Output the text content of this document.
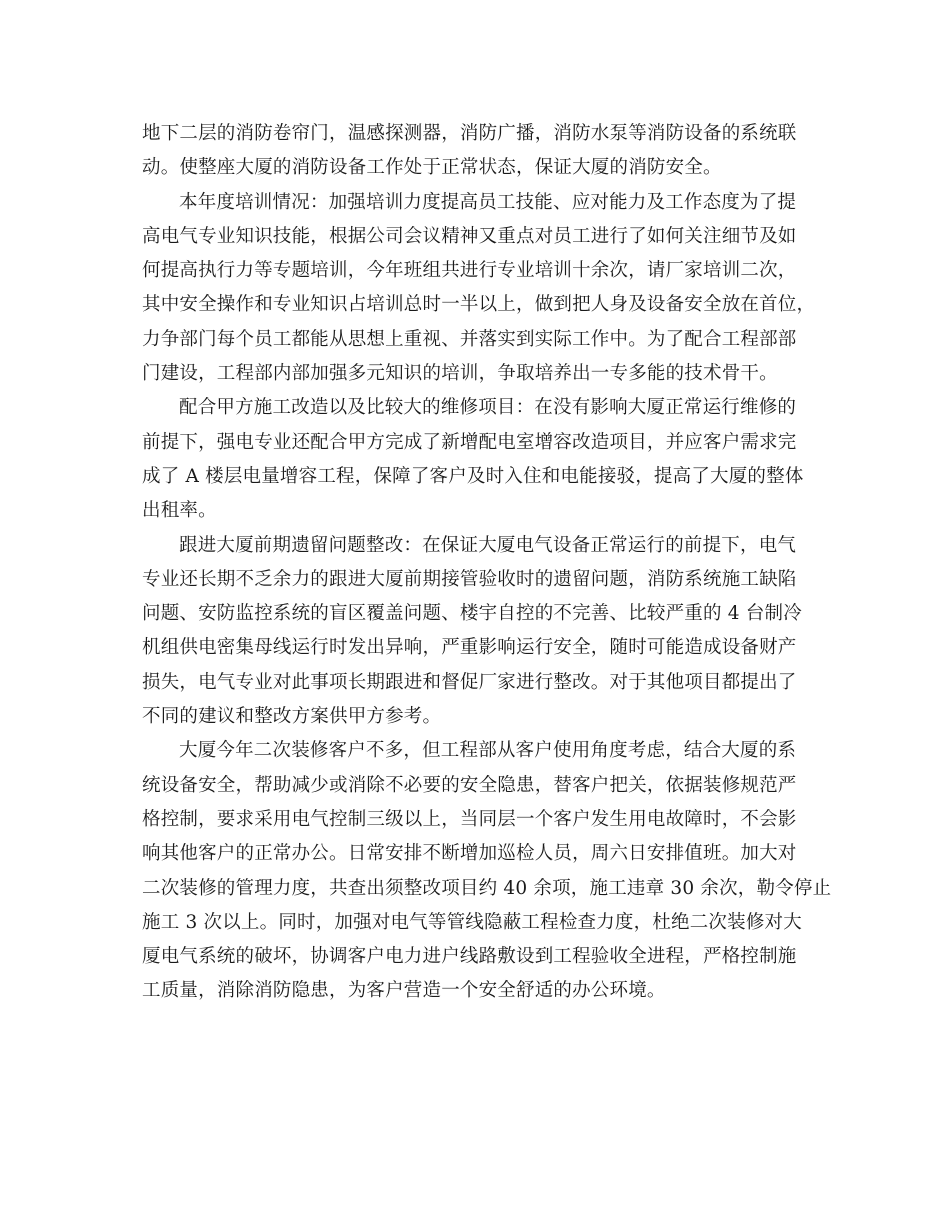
地下二层的消防卷帘门，温感探测器，消防广播，消防水泵等消防设备的系统联
动。使整座大厦的消防设备工作处于正常状态，保证大厦的消防安全。
本年度培训情况：加强培训力度提高员工技能、应对能力及工作态度为了提
高电气专业知识技能，根据公司会议精神又重点对员工进行了如何关注细节及如
何提高执行力等专题培训，今年班组共进行专业培训十余次，请厂家培训二次，
其中安全操作和专业知识占培训总时一半以上，做到把人身及设备安全放在首位，
力争部门每个员工都能从思想上重视、并落实到实际工作中。为了配合工程部部
门建设，工程部内部加强多元知识的培训，争取培养出一专多能的技术骨干。
配合甲方施工改造以及比较大的维修项目：在没有影响大厦正常运行维修的
前提下，强电专业还配合甲方完成了新增配电室增容改造项目，并应客户需求完
成了 A 楼层电量增容工程，保障了客户及时入住和电能接驳，提高了大厦的整体
出租率。
跟进大厦前期遗留问题整改：在保证大厦电气设备正常运行的前提下，电气
专业还长期不乏余力的跟进大厦前期接管验收时的遗留问题，消防系统施工缺陷
问题、安防监控系统的盲区覆盖问题、楼宇自控的不完善、比较严重的 4 台制冷
机组供电密集母线运行时发出异响，严重影响运行安全，随时可能造成设备财产
损失，电气专业对此事项长期跟进和督促厂家进行整改。对于其他项目都提出了
不同的建议和整改方案供甲方参考。
大厦今年二次装修客户不多，但工程部从客户使用角度考虑，结合大厦的系
统设备安全，帮助减少或消除不必要的安全隐患，替客户把关，依据装修规范严
格控制，要求采用电气控制三级以上，当同层一个客户发生用电故障时，不会影
响其他客户的正常办公。日常安排不断增加巡检人员，周六日安排值班。加大对
二次装修的管理力度，共查出须整改项目约 40 余项，施工违章 30 余次，勒令停止
施工 3 次以上。同时，加强对电气等管线隐蔽工程检查力度，杜绝二次装修对大
厦电气系统的破坏，协调客户电力进户线路敷设到工程验收全进程，严格控制施
工质量，消除消防隐患，为客户营造一个安全舒适的办公环境。
